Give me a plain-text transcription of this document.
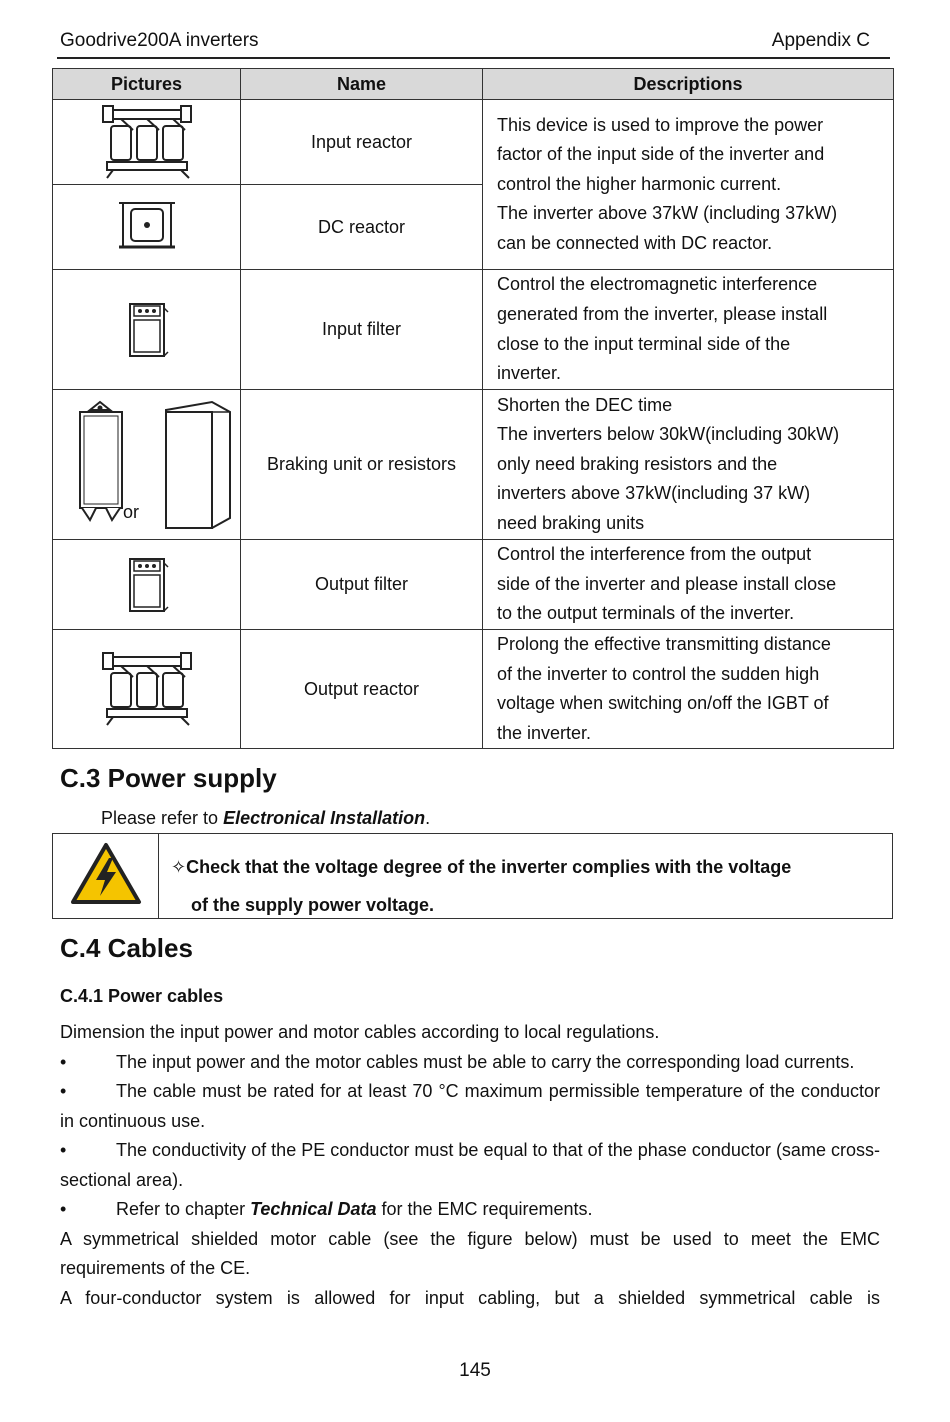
Goodrive200A inverters	Appendix C
Pictures	Name	Descriptions

	Input reactor	This device is used to improve the power
factor of the input side of the inverter and
control the higher harmonic current.
The inverter above 37kW (including 37kW)
can be connected with DC reactor.

	DC reactor	

	Input filter	Control the electromagnetic interference
generated from the inverter, please install
close to the input terminal side of the
inverter.

or	Braking unit or resistors	Shorten the DEC time
The inverters below 30kW(including 30kW)
only need braking resistors and the
inverters above 37kW(including 37 kW)
need braking units

	Output filter	Control the interference from the output
side of the inverter and please install close
to the output terminals of the inverter.

	Output reactor	Prolong the effective transmitting distance
of the inverter to control the sudden high
voltage when switching on/off the IGBT of
the inverter.
C.3 Power supply
Please refer to Electronical Installation.
✧Check that the voltage degree of the inverter complies with the voltage
of the supply power voltage.
C.4 Cables
C.4.1 Power cables
Dimension the input power and motor cables according to local regulations.
•	The input power and the motor cables must be able to carry the corresponding load currents.
•	The cable must be rated for at least 70 °C maximum permissible temperature of the conductor in continuous use.
•	The conductivity of the PE conductor must be equal to that of the phase conductor (same cross-sectional area).
•	Refer to chapter Technical Data for the EMC requirements.
A symmetrical shielded motor cable (see the figure below) must be used to meet the EMC requirements of the CE.
A four-conductor system is allowed for input cabling, but a shielded symmetrical cable is
145
